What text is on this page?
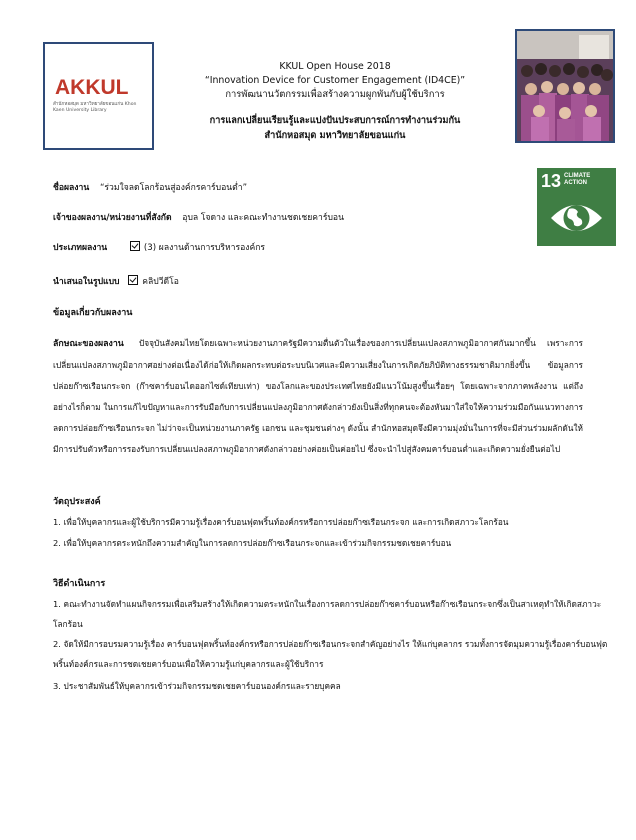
AKKUL
สำนักหอสมุด มหาวิทยาลัยขอนแก่น Khon Kaen University Library
KKUL Open House 2018
“Innovation Device for Customer Engagement (ID4CE)”
การพัฒนานวัตกรรมเพื่อสร้างความผูกพันกับผู้ใช้บริการ
การแลกเปลี่ยนเรียนรู้และแบ่งปันประสบการณ์การทำงานร่วมกัน
สำนักหอสมุด มหาวิทยาลัยขอนแก่น
13 CLIMATE
ACTION
ชื่อผลงาน “ร่วมใจลดโลกร้อนสู่องค์กรคาร์บอนต่ำ”
เจ้าของผลงาน/หน่วยงานที่สังกัด อุบล โจดาง และคณะทำงานชดเชยคาร์บอน
ประเภทผลงาน	(3) ผลงานด้านการบริหารองค์กร
นำเสนอในรูปแบบ	คลิปวีดีโอ
ข้อมูลเกี่ยวกับผลงาน
ลักษณะของผลงาน ปัจจุบันสังคมไทยโดยเฉพาะหน่วยงานภาครัฐมีความตื่นตัวในเรื่องของการเปลี่ยนแปลงสภาพภูมิอากาศกันมากขึ้น เพราะการเปลี่ยนแปลงสภาพภูมิอากาศอย่างต่อเนื่องได้ก่อให้เกิดผลกระทบต่อระบบนิเวศและมีความเสี่ยงในการเกิดภัยภิบัติทางธรรมชาติมากยิ่งขึ้น ข้อมูลการปล่อยก๊าซเรือนกระจก (ก๊าซคาร์บอนไดออกไซด์เทียบเท่า) ของโลกและของประเทศไทยยังมีแนวโน้มสูงขึ้นเรื่อยๆ โดยเฉพาะจากภาคพลังงาน แต่ถึงอย่างไรก็ตาม ในการแก้ไขปัญหาและการรับมือกับการเปลี่ยนแปลงภูมิอากาศดังกล่าวยังเป็นสิ่งที่ทุกคนจะต้องหันมาใส่ใจให้ความร่วมมือกันแนวทางการลดการปล่อยก๊าซเรือนกระจก ไม่ว่าจะเป็นหน่วยงานภาครัฐ เอกชน และชุมชนต่างๆ ดังนั้น สำนักหอสมุดจึงมีความมุ่งมั่นในการที่จะมีส่วนร่วมผลักดันให้มีการปรับตัวหรือการรองรับการเปลี่ยนแปลงสภาพภูมิอากาศดังกล่าวอย่างค่อยเป็นค่อยไป ซึ่งจะนำไปสู่สังคมคาร์บอนต่ำและเกิดความยั่งยืนต่อไป
วัตถุประสงค์
1. เพื่อให้บุคลากรและผู้ใช้บริการมีความรู้เรื่องคาร์บอนฟุตพริ้นท์องค์กรหรือการปล่อยก๊าซเรือนกระจก และการเกิดสภาวะโลกร้อน
2. เพื่อให้บุคลากรตระหนักถึงความสำคัญในการลดการปล่อยก๊าซเรือนกระจกและเข้าร่วมกิจกรรมชดเชยคาร์บอน
วิธีดำเนินการ
1. คณะทำงานจัดทำแผนกิจกรรมเพื่อเสริมสร้างให้เกิดความตระหนักในเรื่องการลดการปล่อยก๊าซคาร์บอนหรือก๊าซเรือนกระจกซึ่งเป็นสาเหตุทำให้เกิดสภาวะโลกร้อน
2. จัดให้มีการอบรมความรู้เรื่อง คาร์บอนฟุตพริ้นท์องค์กรหรือการปล่อยก๊าซเรือนกระจกสำคัญอย่างไร ให้แก่บุคลากร รวมทั้งการจัดมุมความรู้เรื่องคาร์บอนฟุตพริ้นท์องค์กรและการชดเชยคาร์บอนเพื่อให้ความรู้แก่บุคลากรและผู้ใช้บริการ
3. ประชาสัมพันธ์ให้บุคลากรเข้าร่วมกิจกรรมชดเชยคาร์บอนองค์กรและรายบุคคล
